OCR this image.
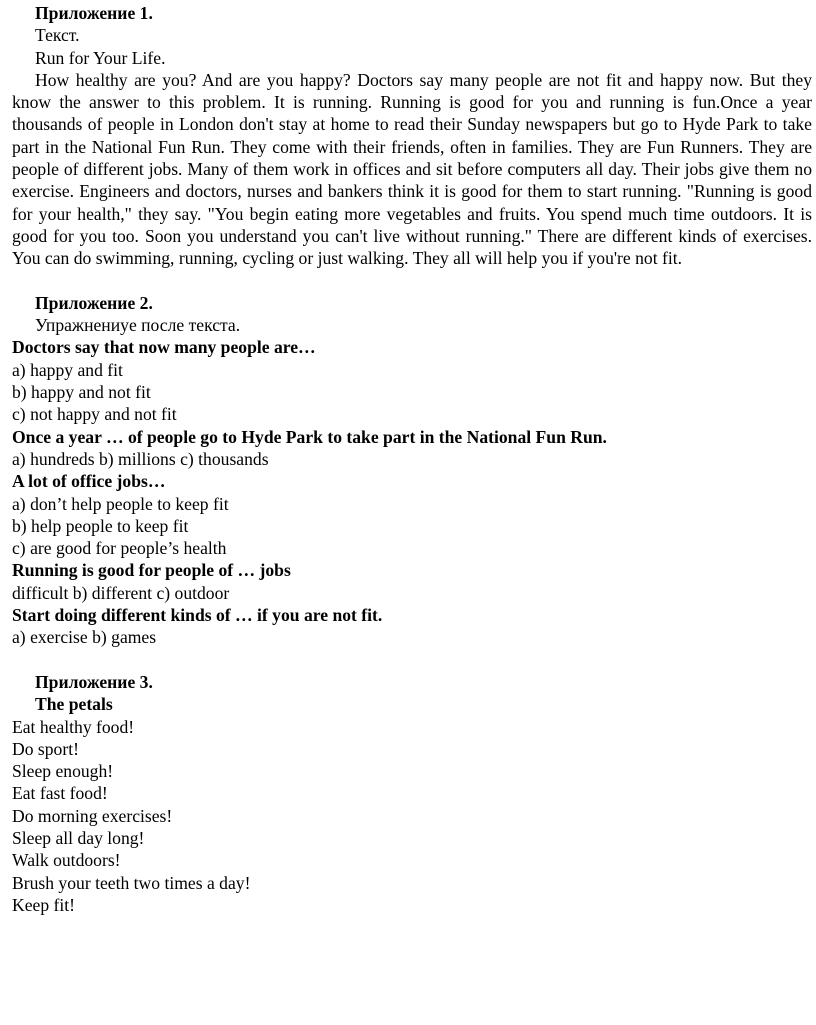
Приложение 1.
Текст.
Run for Your Life.

How healthy are you? And are you happy? Doctors say many people are not fit and happy now. But they know the answer to this problem. It is running. Running is good for you and running is fun.Once a year thousands of people in London don't stay at home to read their Sunday newspapers but go to Hyde Park to take part in the National Fun Run. They come with their friends, often in families. They are Fun Runners. They are people of different jobs. Many of them work in offices and sit before computers all day. Their jobs give them no exercise. Engineers and doctors, nurses and bankers think it is good for them to start running. "Running is good for your health," they say. "You begin eating more vegetables and fruits. You spend much time outdoors. It is good for you too. Soon you understand you can't live without running." There are different kinds of exercises. You can do swimming, running, cycling or just walking. They all will help you if you're not fit.

Приложение 2.
Упражнениye после текста.
Doctors say that now many people are…
a) happy and fit
b) happy and not fit
c) not happy and not fit
Once a year … of people go to Hyde Park to take part in the National Fun Run.
a) hundreds b) millions c) thousands
A lot of office jobs…
a) don’t help people to keep fit
b) help people to keep fit
c) are good for people’s health
Running is good for people of … jobs
difficult b) different c) outdoor
Start doing different kinds of … if you are not fit.
a) exercise b) games
Приложение 3.
The petals
Eat healthy food!
Do sport!
Sleep enough!
Eat fast food!
Do morning exercises!
Sleep all day long!
Walk outdoors!
Brush your teeth two times a day!
Keep fit!
